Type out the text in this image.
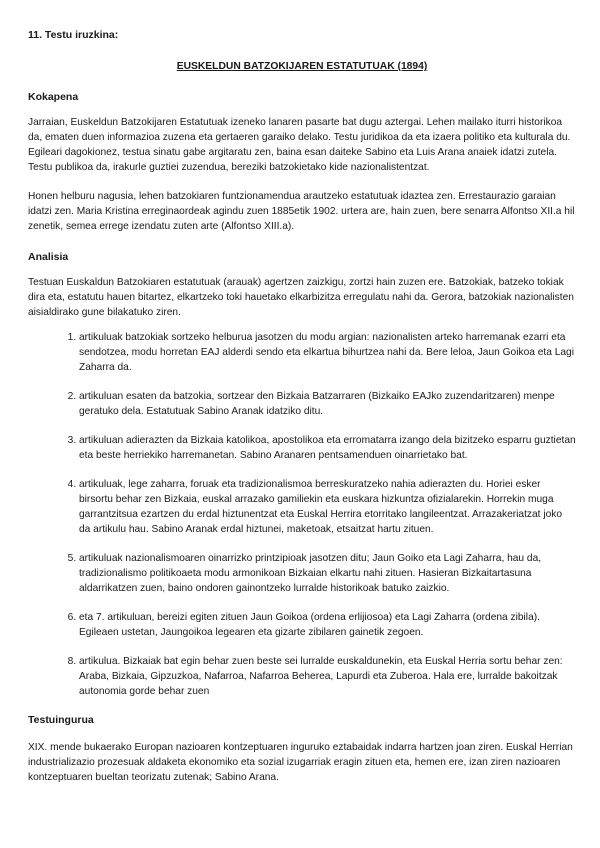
11. Testu iruzkina:
EUSKELDUN BATZOKIJAREN ESTATUTUAK (1894)
Kokapena

Jarraian, Euskeldun Batzokijaren Estatutuak izeneko lanaren pasarte bat dugu aztergai. Lehen mailako iturri historikoa da, ematen duen informazioa zuzena eta gertaeren garaiko delako. Testu juridikoa da eta izaera politiko eta kulturala du. Egileari dagokionez, testua sinatu gabe argitaratu zen, baina esan daiteke Sabino eta Luis Arana anaiek idatzi zutela. Testu publikoa da, irakurle guztiei zuzendua, bereziki batzokietako kide nazionalistentzat.

Honen helburu nagusia, lehen batzokiaren funtzionamendua arautzeko estatutuak idaztea zen. Errestaurazio garaian idatzi zen. Maria Kristina erreginaordeak agindu zuen 1885etik 1902. urtera are, hain zuen, bere senarra Alfontso XII.a hil zenetik, semea errege izendatu zuten arte (Alfontso XIII.a).

Analisia

Testuan Euskaldun Batzokiaren estatutuak (arauak) agertzen zaizkigu, zortzi hain zuzen ere. Batzokiak, batzeko tokiak dira eta, estatutu hauen bitartez, elkartzeko toki hauetako elkarbizitza erregulatu nahi da. Gerora, batzokiak nazionalisten aisialdirako gune bilakatuko ziren.

1. artikuluak batzokiak sortzeko helburua jasotzen du modu argian: nazionalisten arteko harremanak ezarri eta sendotzea, modu horretan EAJ alderdi sendo eta elkartua bihurtzea nahi da. Bere leloa, Jaun Goikoa eta Lagi Zaharra da.
2. artikuluan esaten da batzokia, sortzear den Bizkaia Batzarraren (Bizkaiko EAJko zuzendaritzaren) menpe geratuko dela. Estatutuak Sabino Aranak idatziko ditu.
3. artikuluan adierazten da Bizkaia katolikoa, apostolikoa eta erromatarra izango dela bizitzeko esparru guztietan eta beste herriekiko harremanetan. Sabino Aranaren pentsamenduen oinarrietako bat.
4. artikuluak, lege zaharra, foruak eta tradizionalismoa berreskuratzeko nahia adierazten du. Horiei esker birsortu behar zen Bizkaia, euskal arrazako gamiliekin eta euskara hizkuntza ofizialarekin. Horrekin muga garrantzitsua ezartzen du erdal hiztunentzat eta Euskal Herrira etorritako langileentzat. Arrazakeriatzat joko da artikulu hau. Sabino Aranak erdal hiztunei, maketoak, etsaitzat hartu zituen.
5. artikuluak nazionalismoaren oinarrizko printzipioak jasotzen ditu; Jaun Goiko eta Lagi Zaharra, hau da, tradizionalismo politikoaeta modu armonikoan Bizkaian elkartu nahi zituen. Hasieran Bizkaitartasuna aldarrikatzen zuen, baino ondoren gainontzeko lurralde historikoak batuko zaizkio.
6. eta 7. artikuluan, bereizi egiten zituen Jaun Goikoa (ordena erlijiosoa) eta Lagi Zaharra (ordena zibila). Egileaen ustetan, Jaungoikoa legearen eta gizarte zibilaren gainetik zegoen.
8. artikulua. Bizkaiak bat egin behar zuen beste sei lurralde euskaldunekin, eta Euskal Herria sortu behar zen: Araba, Bizkaia, Gipzuzkoa, Nafarroa, Nafarroa Beherea, Lapurdi eta Zuberoa. Hala ere, lurralde bakoitzak autonomia gorde behar zuen
Testuingurua

XIX. mende bukaerako Europan nazioaren kontzeptuaren inguruko eztabaidak indarra hartzen joan ziren. Euskal Herrian industrializazio prozesuak aldaketa ekonomiko eta sozial izugarriak eragin zituen eta, hemen ere, izan ziren nazioaren kontzeptuaren bueltan teorizatu zutenak; Sabino Arana.
